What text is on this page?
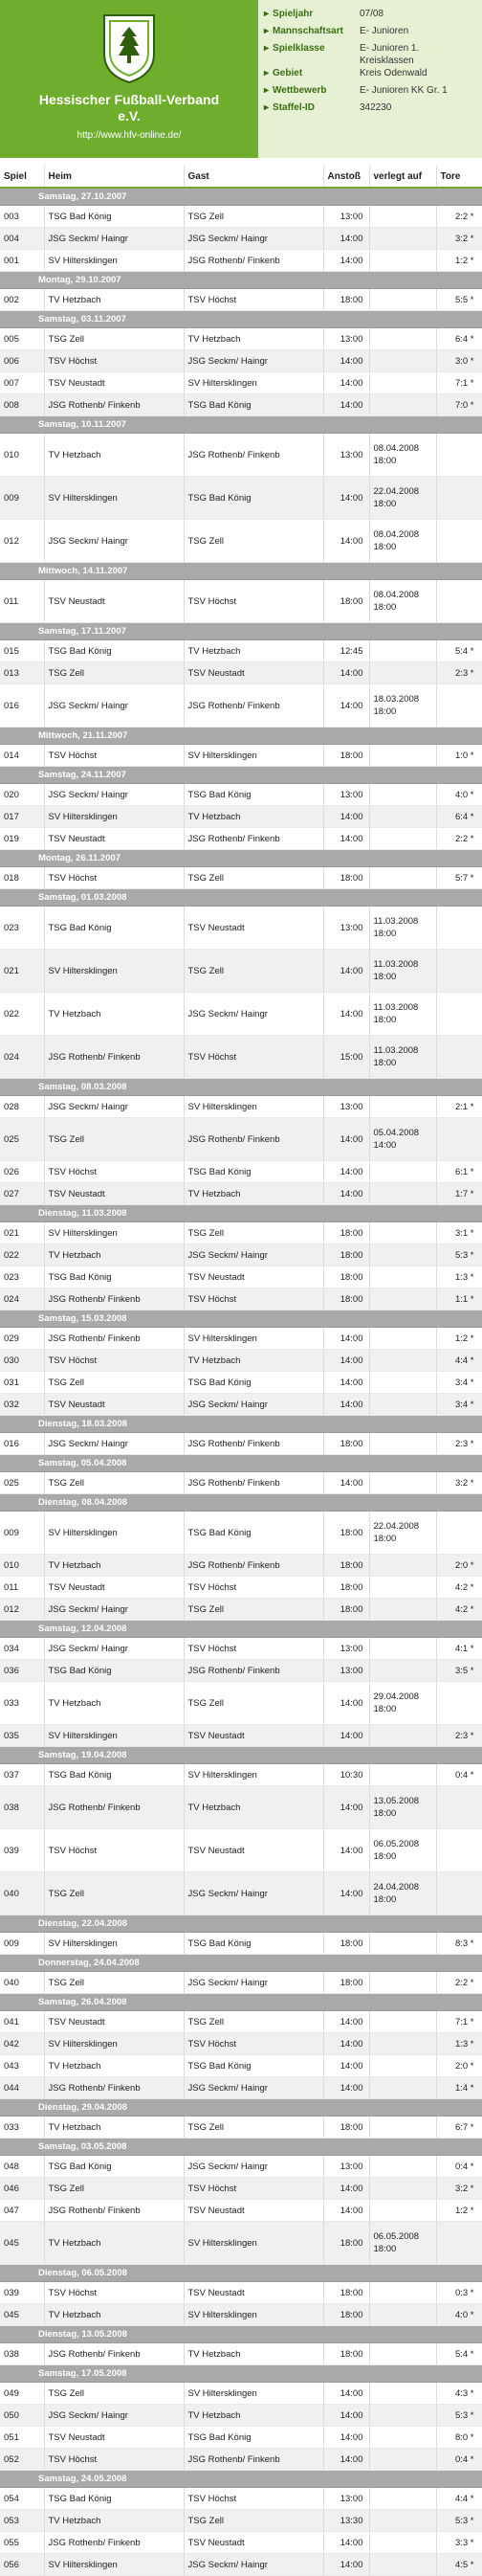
Hessischer Fußball-Verband
e.V.
http://www.hfv-online.de/
▸ Spieljahr	07/08
▸ Mannschaftsart	E- Junioren
▸ Spielklasse	E- Junioren 1. Kreisklassen
▸ Gebiet	Kreis Odenwald
▸ Wettbewerb	E- Junioren KK Gr. 1
▸ Staffel-ID	342230
Spiel	Heim	Gast	Anstoß	verlegt auf	Tore
Samstag, 27.10.2007					
003	TSG Bad König	TSG Zell	13:00		2:2 *
004	JSG Seckm/ Haingr	JSG Seckm/ Haingr	14:00		3:2 *
001	SV Hiltersklingen	JSG Rothenb/ Finkenb	14:00		1:2 *
Montag, 29.10.2007					
002	TV Hetzbach	TSV Höchst	18:00		5:5 *
Samstag, 03.11.2007					
005	TSG Zell	TV Hetzbach	13:00		6:4 *
006	TSV Höchst	JSG Seckm/ Haingr	14:00		3:0 *
007	TSV Neustadt	SV Hiltersklingen	14:00		7:1 *
008	JSG Rothenb/ Finkenb	TSG Bad König	14:00		7:0 *
Samstag, 10.11.2007					
010	TV Hetzbach	JSG Rothenb/ Finkenb	13:00	08.04.2008 18:00	
009	SV Hiltersklingen	TSG Bad König	14:00	22.04.2008 18:00	
012	JSG Seckm/ Haingr	TSG Zell	14:00	08.04.2008 18:00	
Mittwoch, 14.11.2007					
011	TSV Neustadt	TSV Höchst	18:00	08.04.2008 18:00	
Samstag, 17.11.2007					
015	TSG Bad König	TV Hetzbach	12:45		5:4 *
013	TSG Zell	TSV Neustadt	14:00		2:3 *
016	JSG Seckm/ Haingr	JSG Rothenb/ Finkenb	14:00	18.03.2008 18:00	
Mittwoch, 21.11.2007					
014	TSV Höchst	SV Hiltersklingen	18:00		1:0 *
Samstag, 24.11.2007					
020	JSG Seckm/ Haingr	TSG Bad König	13:00		4:0 *
017	SV Hiltersklingen	TV Hetzbach	14:00		6:4 *
019	TSV Neustadt	JSG Rothenb/ Finkenb	14:00		2:2 *
Montag, 26.11.2007					
018	TSV Höchst	TSG Zell	18:00		5:7 *
Samstag, 01.03.2008					
023	TSG Bad König	TSV Neustadt	13:00	11.03.2008 18:00	
021	SV Hiltersklingen	TSG Zell	14:00	11.03.2008 18:00	
022	TV Hetzbach	JSG Seckm/ Haingr	14:00	11.03.2008 18:00	
024	JSG Rothenb/ Finkenb	TSV Höchst	15:00	11.03.2008 18:00	
Samstag, 08.03.2008					
028	JSG Seckm/ Haingr	SV Hiltersklingen	13:00		2:1 *
025	TSG Zell	JSG Rothenb/ Finkenb	14:00	05.04.2008 14:00	
026	TSV Höchst	TSG Bad König	14:00		6:1 *
027	TSV Neustadt	TV Hetzbach	14:00		1:7 *
Dienstag, 11.03.2008					
021	SV Hiltersklingen	TSG Zell	18:00		3:1 *
022	TV Hetzbach	JSG Seckm/ Haingr	18:00		5:3 *
023	TSG Bad König	TSV Neustadt	18:00		1:3 *
024	JSG Rothenb/ Finkenb	TSV Höchst	18:00		1:1 *
Samstag, 15.03.2008					
029	JSG Rothenb/ Finkenb	SV Hiltersklingen	14:00		1:2 *
030	TSV Höchst	TV Hetzbach	14:00		4:4 *
031	TSG Zell	TSG Bad König	14:00		3:4 *
032	TSV Neustadt	JSG Seckm/ Haingr	14:00		3:4 *
Dienstag, 18.03.2008					
016	JSG Seckm/ Haingr	JSG Rothenb/ Finkenb	18:00		2:3 *
Samstag, 05.04.2008					
025	TSG Zell	JSG Rothenb/ Finkenb	14:00		3:2 *
Dienstag, 08.04.2008					
009	SV Hiltersklingen	TSG Bad König	18:00	22.04.2008 18:00	
010	TV Hetzbach	JSG Rothenb/ Finkenb	18:00		2:0 *
011	TSV Neustadt	TSV Höchst	18:00		4:2 *
012	JSG Seckm/ Haingr	TSG Zell	18:00		4:2 *
Samstag, 12.04.2008					
034	JSG Seckm/ Haingr	TSV Höchst	13:00		4:1 *
036	TSG Bad König	JSG Rothenb/ Finkenb	13:00		3:5 *
033	TV Hetzbach	TSG Zell	14:00	29.04.2008 18:00	
035	SV Hiltersklingen	TSV Neustadt	14:00		2:3 *
Samstag, 19.04.2008					
037	TSG Bad König	SV Hiltersklingen	10:30		0:4 *
038	JSG Rothenb/ Finkenb	TV Hetzbach	14:00	13.05.2008 18:00	
039	TSV Höchst	TSV Neustadt	14:00	06.05.2008 18:00	
040	TSG Zell	JSG Seckm/ Haingr	14:00	24.04.2008 18:00	
Dienstag, 22.04.2008					
009	SV Hiltersklingen	TSG Bad König	18:00		8:3 *
Donnerstag, 24.04.2008					
040	TSG Zell	JSG Seckm/ Haingr	18:00		2:2 *
Samstag, 26.04.2008					
041	TSV Neustadt	TSG Zell	14:00		7:1 *
042	SV Hiltersklingen	TSV Höchst	14:00		1:3 *
043	TV Hetzbach	TSG Bad König	14:00		2:0 *
044	JSG Rothenb/ Finkenb	JSG Seckm/ Haingr	14:00		1:4 *
Dienstag, 29.04.2008					
033	TV Hetzbach	TSG Zell	18:00		6:7 *
Samstag, 03.05.2008					
048	TSG Bad König	JSG Seckm/ Haingr	13:00		0:4 *
046	TSG Zell	TSV Höchst	14:00		3:2 *
047	JSG Rothenb/ Finkenb	TSV Neustadt	14:00		1:2 *
045	TV Hetzbach	SV Hiltersklingen	18:00	06.05.2008 18:00	
Dienstag, 06.05.2008					
039	TSV Höchst	TSV Neustadt	18:00		0:3 *
045	TV Hetzbach	SV Hiltersklingen	18:00		4:0 *
Dienstag, 13.05.2008					
038	JSG Rothenb/ Finkenb	TV Hetzbach	18:00		5:4 *
Samstag, 17.05.2008					
049	TSG Zell	SV Hiltersklingen	14:00		4:3 *
050	JSG Seckm/ Haingr	TV Hetzbach	14:00		5:3 *
051	TSV Neustadt	TSG Bad König	14:00		8:0 *
052	TSV Höchst	JSG Rothenb/ Finkenb	14:00		0:4 *
Samstag, 24.05.2008					
054	TSG Bad König	TSV Höchst	13:00		4:4 *
053	TV Hetzbach	TSG Zell	13:30		5:3 *
055	JSG Rothenb/ Finkenb	TSV Neustadt	14:00		3:3 *
056	SV Hiltersklingen	JSG Seckm/ Haingr	14:00		4:5 *
